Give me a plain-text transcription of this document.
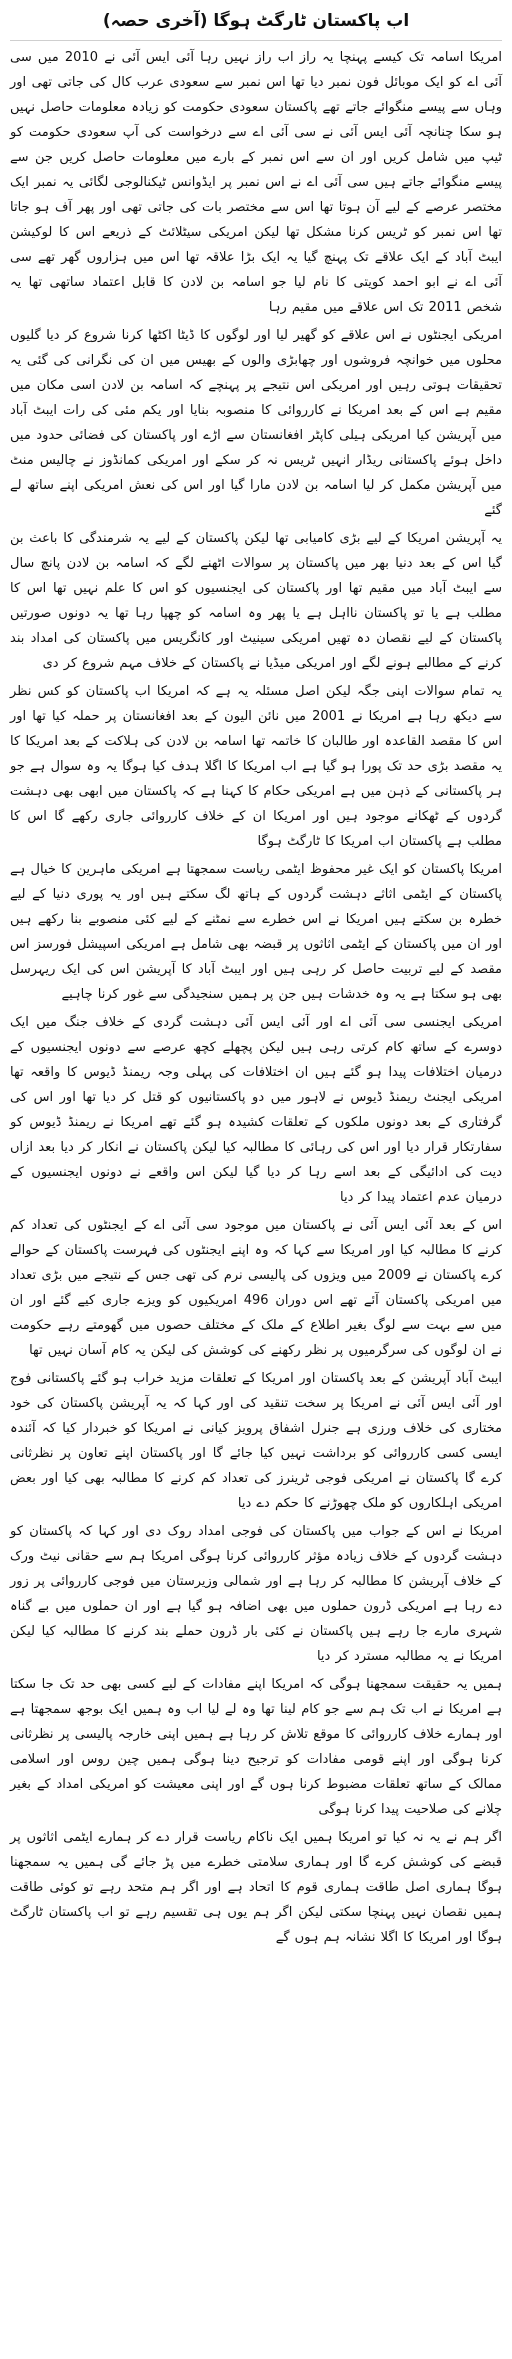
اب پاکستان ٹارگٹ ہوگا (آخری حصہ)

امریکا اسامہ تک کیسے پہنچا یہ راز اب راز نہیں رہا آئی ایس آئی نے 2010 میں سی آئی اے کو ایک موبائل فون نمبر دیا تھا اس نمبر سے سعودی عرب کال کی جاتی تھی اور وہاں سے پیسے منگوائے جاتے تھے پاکستان سعودی حکومت کو زیادہ معلومات حاصل نہیں ہو سکا چنانچہ آئی ایس آئی نے سی آئی اے سے درخواست کی آپ سعودی حکومت کو ٹیپ میں شامل کریں اور ان سے اس نمبر کے بارے میں معلومات حاصل کریں جن سے پیسے منگوائے جاتے ہیں سی آئی اے نے اس نمبر پر ایڈوانس ٹیکنالوجی لگائی یہ نمبر ایک مختصر عرصے کے لیے آن ہوتا تھا اس سے مختصر بات کی جاتی تھی اور پھر آف ہو جاتا تھا اس نمبر کو ٹریس کرنا مشکل تھا لیکن امریکی سیٹلائٹ کے ذریعے اس کا لوکیشن ایبٹ آباد کے ایک علاقے تک پہنچ گیا یہ ایک بڑا علاقہ تھا اس میں ہزاروں گھر تھے سی آئی اے نے ابو احمد کویتی کا نام لیا جو اسامہ بن لادن کا قابل اعتماد ساتھی تھا یہ شخص 2011 تک اس علاقے میں مقیم رہا

امریکی ایجنٹوں نے اس علاقے کو گھیر لیا اور لوگوں کا ڈیٹا اکٹھا کرنا شروع کر دیا گلیوں محلوں میں خوانچہ فروشوں اور چھابڑی والوں کے بھیس میں ان کی نگرانی کی گئی یہ تحقیقات ہوتی رہیں اور امریکی اس نتیجے پر پہنچے کہ اسامہ بن لادن اسی مکان میں مقیم ہے اس کے بعد امریکا نے کارروائی کا منصوبہ بنایا اور یکم مئی کی رات ایبٹ آباد میں آپریشن کیا امریکی ہیلی کاپٹر افغانستان سے اڑے اور پاکستان کی فضائی حدود میں داخل ہوئے پاکستانی ریڈار انہیں ٹریس نہ کر سکے اور امریکی کمانڈوز نے چالیس منٹ میں آپریشن مکمل کر لیا اسامہ بن لادن مارا گیا اور اس کی نعش امریکی اپنے ساتھ لے گئے

یہ آپریشن امریکا کے لیے بڑی کامیابی تھا لیکن پاکستان کے لیے یہ شرمندگی کا باعث بن گیا اس کے بعد دنیا بھر میں پاکستان پر سوالات اٹھنے لگے کہ اسامہ بن لادن پانچ سال سے ایبٹ آباد میں مقیم تھا اور پاکستان کی ایجنسیوں کو اس کا علم نہیں تھا اس کا مطلب ہے یا تو پاکستان نااہل ہے یا پھر وہ اسامہ کو چھپا رہا تھا یہ دونوں صورتیں پاکستان کے لیے نقصان دہ تھیں امریکی سینیٹ اور کانگریس میں پاکستان کی امداد بند کرنے کے مطالبے ہونے لگے اور امریکی میڈیا نے پاکستان کے خلاف مہم شروع کر دی

یہ تمام سوالات اپنی جگہ لیکن اصل مسئلہ یہ ہے کہ امریکا اب پاکستان کو کس نظر سے دیکھ رہا ہے امریکا نے 2001 میں نائن الیون کے بعد افغانستان پر حملہ کیا تھا اور اس کا مقصد القاعدہ اور طالبان کا خاتمہ تھا اسامہ بن لادن کی ہلاکت کے بعد امریکا کا یہ مقصد بڑی حد تک پورا ہو گیا ہے اب امریکا کا اگلا ہدف کیا ہوگا یہ وہ سوال ہے جو ہر پاکستانی کے ذہن میں ہے امریکی حکام کا کہنا ہے کہ پاکستان میں ابھی بھی دہشت گردوں کے ٹھکانے موجود ہیں اور امریکا ان کے خلاف کارروائی جاری رکھے گا اس کا مطلب ہے پاکستان اب امریکا کا ٹارگٹ ہوگا

امریکا پاکستان کو ایک غیر محفوظ ایٹمی ریاست سمجھتا ہے امریکی ماہرین کا خیال ہے پاکستان کے ایٹمی اثاثے دہشت گردوں کے ہاتھ لگ سکتے ہیں اور یہ پوری دنیا کے لیے خطرہ بن سکتے ہیں امریکا نے اس خطرے سے نمٹنے کے لیے کئی منصوبے بنا رکھے ہیں اور ان میں پاکستان کے ایٹمی اثاثوں پر قبضہ بھی شامل ہے امریکی اسپیشل فورسز اس مقصد کے لیے تربیت حاصل کر رہی ہیں اور ایبٹ آباد کا آپریشن اس کی ایک ریہرسل بھی ہو سکتا ہے یہ وہ خدشات ہیں جن پر ہمیں سنجیدگی سے غور کرنا چاہیے

امریکی ایجنسی سی آئی اے اور آئی ایس آئی دہشت گردی کے خلاف جنگ میں ایک دوسرے کے ساتھ کام کرتی رہی ہیں لیکن پچھلے کچھ عرصے سے دونوں ایجنسیوں کے درمیان اختلافات پیدا ہو گئے ہیں ان اختلافات کی پہلی وجہ ریمنڈ ڈیوس کا واقعہ تھا امریکی ایجنٹ ریمنڈ ڈیوس نے لاہور میں دو پاکستانیوں کو قتل کر دیا تھا اور اس کی گرفتاری کے بعد دونوں ملکوں کے تعلقات کشیدہ ہو گئے تھے امریکا نے ریمنڈ ڈیوس کو سفارتکار قرار دیا اور اس کی رہائی کا مطالبہ کیا لیکن پاکستان نے انکار کر دیا بعد ازاں دیت کی ادائیگی کے بعد اسے رہا کر دیا گیا لیکن اس واقعے نے دونوں ایجنسیوں کے درمیان عدم اعتماد پیدا کر دیا

اس کے بعد آئی ایس آئی نے پاکستان میں موجود سی آئی اے کے ایجنٹوں کی تعداد کم کرنے کا مطالبہ کیا اور امریکا سے کہا کہ وہ اپنے ایجنٹوں کی فہرست پاکستان کے حوالے کرے پاکستان نے 2009 میں ویزوں کی پالیسی نرم کی تھی جس کے نتیجے میں بڑی تعداد میں امریکی پاکستان آئے تھے اس دوران 496 امریکیوں کو ویزے جاری کیے گئے اور ان میں سے بہت سے لوگ بغیر اطلاع کے ملک کے مختلف حصوں میں گھومتے رہے حکومت نے ان لوگوں کی سرگرمیوں پر نظر رکھنے کی کوشش کی لیکن یہ کام آسان نہیں تھا

ایبٹ آباد آپریشن کے بعد پاکستان اور امریکا کے تعلقات مزید خراب ہو گئے پاکستانی فوج اور آئی ایس آئی نے امریکا پر سخت تنقید کی اور کہا کہ یہ آپریشن پاکستان کی خود مختاری کی خلاف ورزی ہے جنرل اشفاق پرویز کیانی نے امریکا کو خبردار کیا کہ آئندہ ایسی کسی کارروائی کو برداشت نہیں کیا جائے گا اور پاکستان اپنے تعاون پر نظرثانی کرے گا پاکستان نے امریکی فوجی ٹرینرز کی تعداد کم کرنے کا مطالبہ بھی کیا اور بعض امریکی اہلکاروں کو ملک چھوڑنے کا حکم دے دیا

امریکا نے اس کے جواب میں پاکستان کی فوجی امداد روک دی اور کہا کہ پاکستان کو دہشت گردوں کے خلاف زیادہ مؤثر کارروائی کرنا ہوگی امریکا ہم سے حقانی نیٹ ورک کے خلاف آپریشن کا مطالبہ کر رہا ہے اور شمالی وزیرستان میں فوجی کارروائی پر زور دے رہا ہے امریکی ڈرون حملوں میں بھی اضافہ ہو گیا ہے اور ان حملوں میں بے گناہ شہری مارے جا رہے ہیں پاکستان نے کئی بار ڈرون حملے بند کرنے کا مطالبہ کیا لیکن امریکا نے یہ مطالبہ مسترد کر دیا

ہمیں یہ حقیقت سمجھنا ہوگی کہ امریکا اپنے مفادات کے لیے کسی بھی حد تک جا سکتا ہے امریکا نے اب تک ہم سے جو کام لینا تھا وہ لے لیا اب وہ ہمیں ایک بوجھ سمجھتا ہے اور ہمارے خلاف کارروائی کا موقع تلاش کر رہا ہے ہمیں اپنی خارجہ پالیسی پر نظرثانی کرنا ہوگی اور اپنے قومی مفادات کو ترجیح دینا ہوگی ہمیں چین روس اور اسلامی ممالک کے ساتھ تعلقات مضبوط کرنا ہوں گے اور اپنی معیشت کو امریکی امداد کے بغیر چلانے کی صلاحیت پیدا کرنا ہوگی

اگر ہم نے یہ نہ کیا تو امریکا ہمیں ایک ناکام ریاست قرار دے کر ہمارے ایٹمی اثاثوں پر قبضے کی کوشش کرے گا اور ہماری سلامتی خطرے میں پڑ جائے گی ہمیں یہ سمجھنا ہوگا ہماری اصل طاقت ہماری قوم کا اتحاد ہے اور اگر ہم متحد رہے تو کوئی طاقت ہمیں نقصان نہیں پہنچا سکتی لیکن اگر ہم یوں ہی تقسیم رہے تو اب پاکستان ٹارگٹ ہوگا اور امریکا کا اگلا نشانہ ہم ہوں گے
